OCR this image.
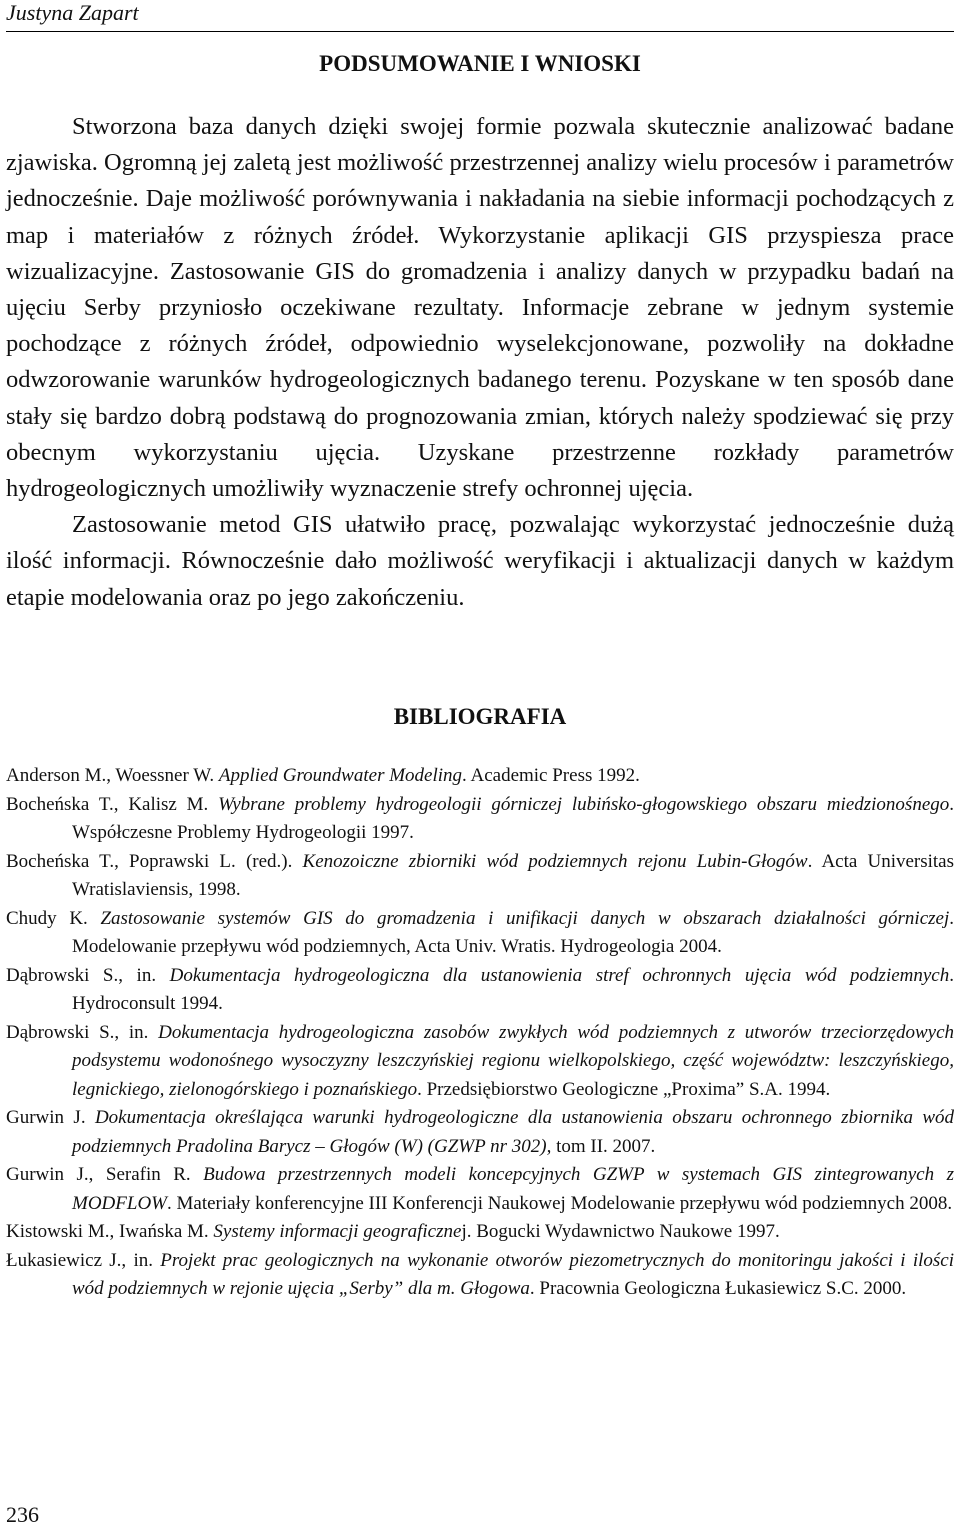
Justyna Zapart
PODSUMOWANIE I WNIOSKI

Stworzona baza danych dzięki swojej formie pozwala skutecznie analizować badane zjawiska. Ogromną jej zaletą jest możliwość przestrzennej analizy wielu procesów i parametrów jednocześnie. Daje możliwość porównywania i nakładania na siebie informacji pochodzących z map i materiałów z różnych źródeł. Wykorzystanie aplikacji GIS przyspiesza prace wizualizacyjne. Zastosowanie GIS do gromadzenia i analizy danych w przypadku badań na ujęciu Serby przyniosło oczekiwane rezultaty. Informacje zebrane w jednym systemie pochodzące z różnych źródeł, odpowiednio wyselekcjonowane, pozwoliły na dokładne odwzorowanie warunków hydrogeologicznych badanego terenu. Pozyskane w ten sposób dane stały się bardzo dobrą podstawą do prognozowania zmian, których należy spodziewać się przy obecnym wykorzystaniu ujęcia. Uzyskane przestrzenne rozkłady parametrów hydrogeologicznych umożliwiły wyznaczenie strefy ochronnej ujęcia.

Zastosowanie metod GIS ułatwiło pracę, pozwalając wykorzystać jednocześnie dużą ilość informacji. Równocześnie dało możliwość weryfikacji i aktualizacji danych w każdym etapie modelowania oraz po jego zakończeniu.

BIBLIOGRAFIA
Anderson M., Woessner W. Applied Groundwater Modeling. Academic Press 1992.
Bocheńska T., Kalisz M. Wybrane problemy hydrogeologii górniczej lubińsko-głogowskiego obszaru miedzionośnego. Współczesne Problemy Hydrogeologii 1997.
Bocheńska T., Poprawski L. (red.). Kenozoiczne zbiorniki wód podziemnych rejonu Lubin-Głogów. Acta Universitas Wratislaviensis, 1998.
Chudy K. Zastosowanie systemów GIS do gromadzenia i unifikacji danych w obszarach działalności górniczej. Modelowanie przepływu wód podziemnych, Acta Univ. Wratis. Hydrogeologia 2004.
Dąbrowski S., in. Dokumentacja hydrogeologiczna dla ustanowienia stref ochronnych ujęcia wód podziemnych. Hydroconsult 1994.
Dąbrowski S., in. Dokumentacja hydrogeologiczna zasobów zwykłych wód podziemnych z utworów trzeciorzędowych podsystemu wodonośnego wysoczyzny leszczyńskiej regionu wielkopolskiego, część województw: leszczyńskiego, legnickiego, zielonogórskiego i poznańskiego. Przedsiębiorstwo Geologiczne „Proxima” S.A. 1994.
Gurwin J. Dokumentacja określająca warunki hydrogeologiczne dla ustanowienia obszaru ochronnego zbiornika wód podziemnych Pradolina Barycz – Głogów (W) (GZWP nr 302), tom II. 2007.
Gurwin J., Serafin R. Budowa przestrzennych modeli koncepcyjnych GZWP w systemach GIS zintegrowanych z MODFLOW. Materiały konferencyjne III Konferencji Naukowej Modelowanie przepływu wód podziemnych 2008.
Kistowski M., Iwańska M. Systemy informacji geograficznej. Bogucki Wydawnictwo Naukowe 1997.
Łukasiewicz J., in. Projekt prac geologicznych na wykonanie otworów piezometrycznych do monitoringu jakości i ilości wód podziemnych w rejonie ujęcia „Serby” dla m. Głogowa. Pracownia Geologiczna Łukasiewicz S.C. 2000.
236
